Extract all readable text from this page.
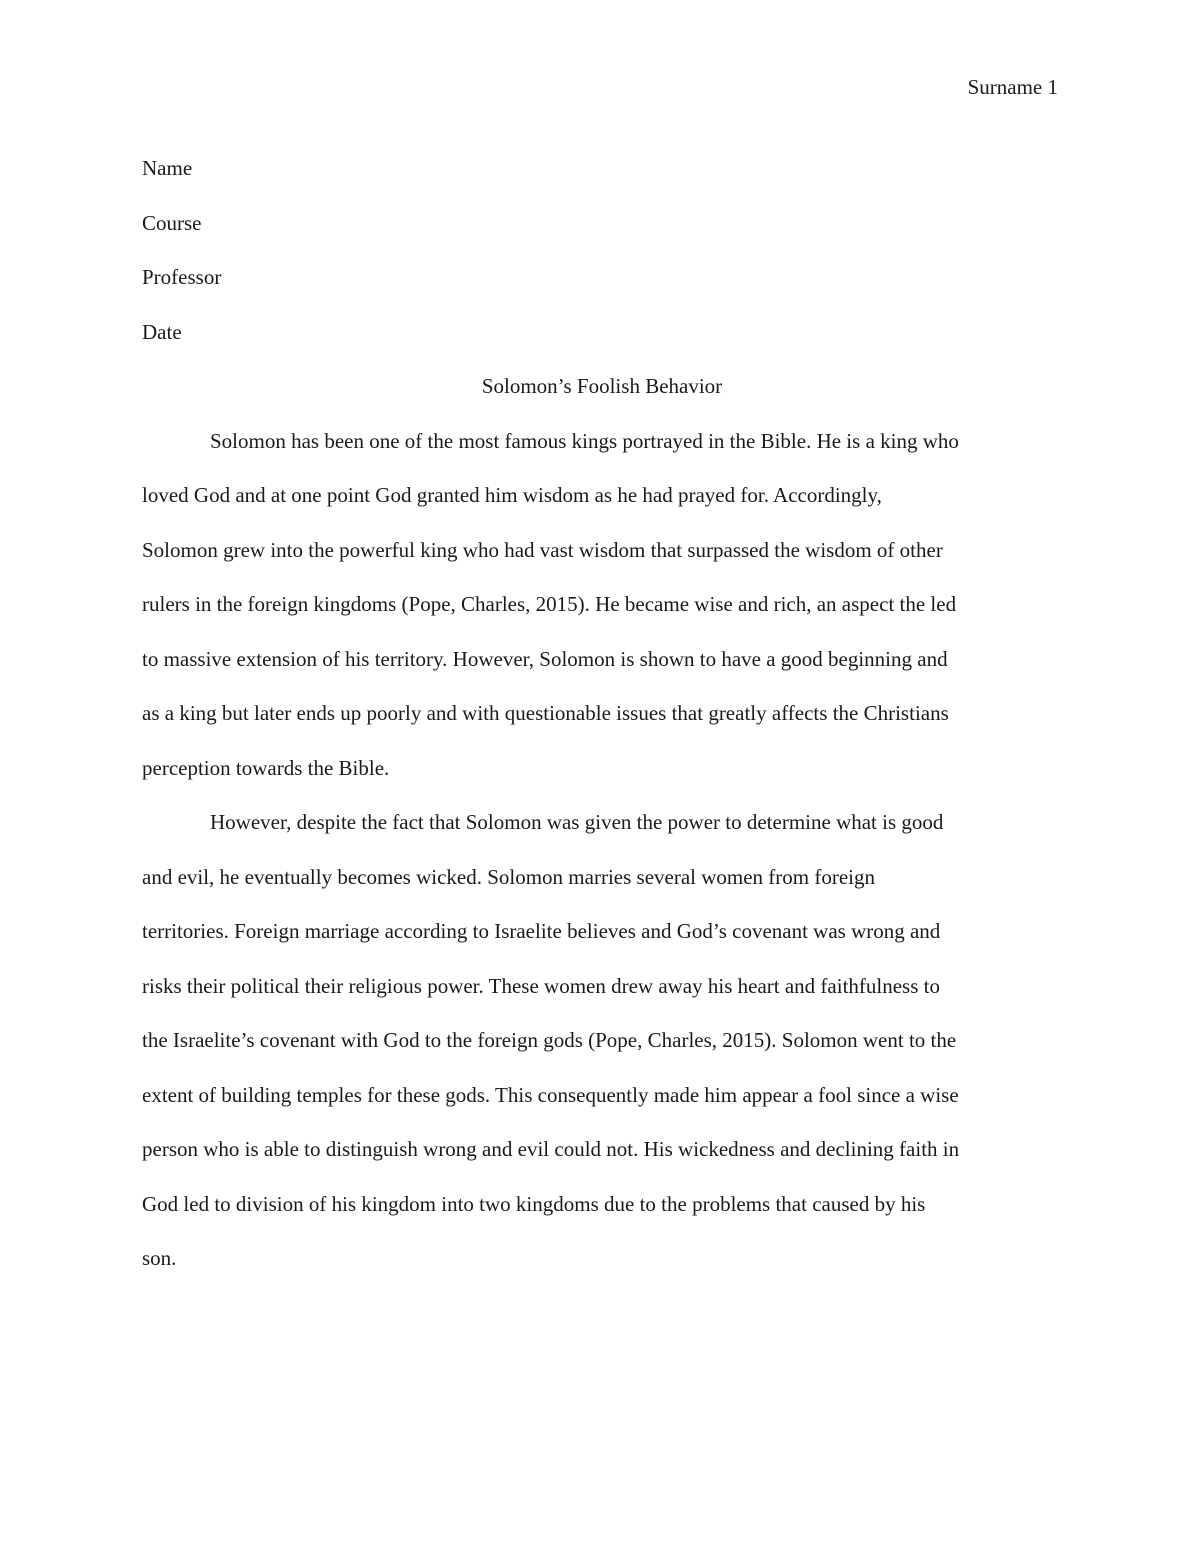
Surname 1
Name
Course
Professor
Date
Solomon’s Foolish Behavior
Solomon has been one of the most famous kings portrayed in the Bible. He is a king who
loved God and at one point God granted him wisdom as he had prayed for. Accordingly,
Solomon grew into the powerful king who had vast wisdom that surpassed the wisdom of other
rulers in the foreign kingdoms (Pope, Charles, 2015). He became wise and rich, an aspect the led
to massive extension of his territory. However, Solomon is shown to have a good beginning and
as a king but later ends up poorly and with questionable issues that greatly affects the Christians
perception towards the Bible.
However, despite the fact that Solomon was given the power to determine what is good
and evil, he eventually becomes wicked. Solomon marries several women from foreign
territories. Foreign marriage according to Israelite believes and God’s covenant was wrong and
risks their political their religious power. These women drew away his heart and faithfulness to
the Israelite’s covenant with God to the foreign gods (Pope, Charles, 2015). Solomon went to the
extent of building temples for these gods. This consequently made him appear a fool since a wise
person who is able to distinguish wrong and evil could not. His wickedness and declining faith in
God led to division of his kingdom into two kingdoms due to the problems that caused by his
son.
